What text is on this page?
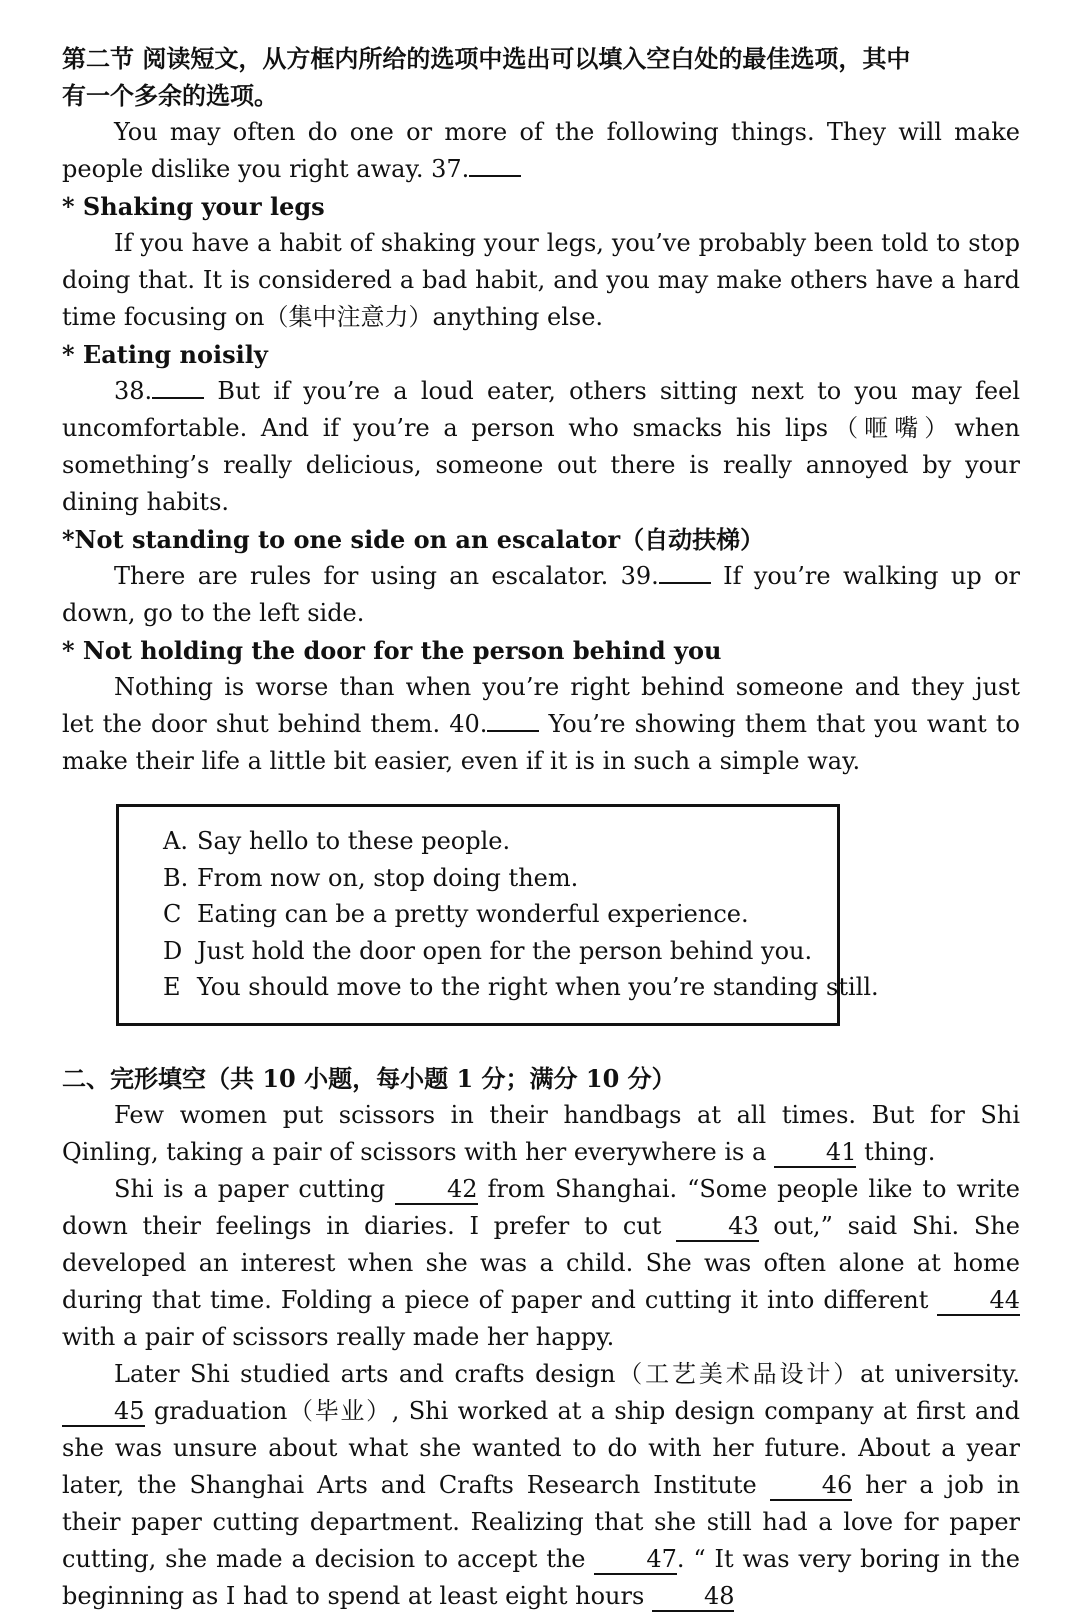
第二节 阅读短文，从方框内所给的选项中选出可以填入空白处的最佳选项，其中
有一个多余的选项。

You may often do one or more of the following things. They will make people dislike you right away. 37.

* Shaking your legs

If you have a habit of shaking your legs, you’ve probably been told to stop doing that. It is considered a bad habit, and you may make others have a hard time focusing on（集中注意力）anything else.

* Eating noisily

38. But if you’re a loud eater, others sitting next to you may feel uncomfortable. And if you’re a person who smacks his lips（咂嘴）when something’s really delicious, someone out there is really annoyed by your dining habits.

*Not standing to one side on an escalator（自动扶梯）

There are rules for using an escalator. 39. If you’re walking up or down, go to the left side.

* Not holding the door for the person behind you

Nothing is worse than when you’re right behind someone and they just let the door shut behind them. 40. You’re showing them that you want to make their life a little bit easier, even if it is in such a simple way.

A. Say hello to these people.

B. From now on, stop doing them.

C Eating can be a pretty wonderful experience.

D Just hold the door open for the person behind you.

E You should move to the right when you’re standing still.

二、完形填空（共 10 小题，每小题 1 分；满分 10 分）

Few women put scissors in their handbags at all times. But for Shi Qinling, taking a pair of scissors with her everywhere is a 41 thing.

Shi is a paper cutting 42 from Shanghai. “Some people like to write down their feelings in diaries. I prefer to cut 43 out,” said Shi. She developed an interest when she was a child. She was often alone at home during that time. Folding a piece of paper and cutting it into different 44 with a pair of scissors really made her happy.

Later Shi studied arts and crafts design（工艺美术品设计）at university. 45 graduation（毕业）, Shi worked at a ship design company at first and she was unsure about what she wanted to do with her future. About a year later, the Shanghai Arts and Crafts Research Institute 46 her a job in their paper cutting department. Realizing that she still had a love for paper cutting, she made a decision to accept the 47. “ It was very boring in the beginning as I had to spend at least eight hours 48
